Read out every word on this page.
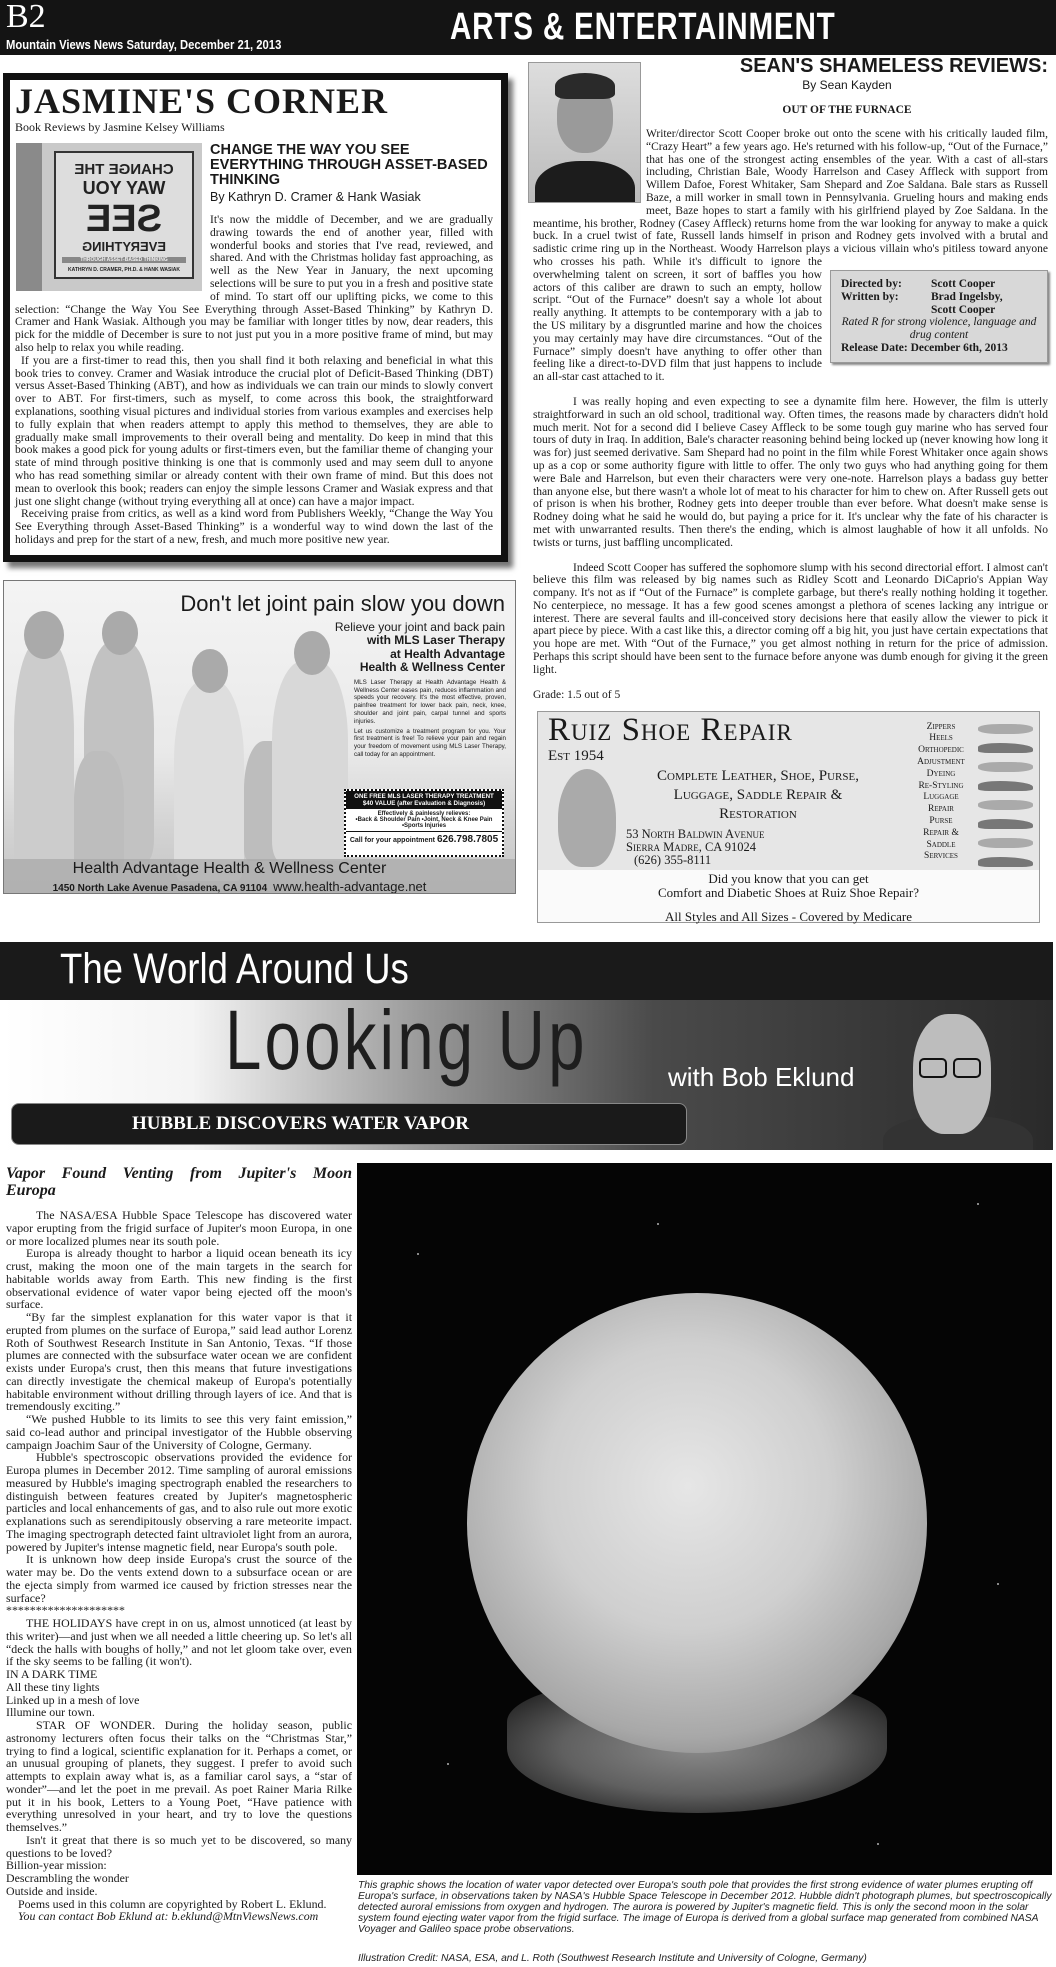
B2
Mountain Views News Saturday, December 21, 2013	ARTS & ENTERTAINMENT
JASMINE'S CORNER
Book Reviews by Jasmine Kelsey Williams
CHANGE THE
WAY YOU
SEE
EVERYTHING
THROUGH ASSET-BASED THINKING
KATHRYN D. CRAMER, PH.D. & HANK WASIAK
CHANGE THE WAY YOU SEE EVERYTHING THROUGH ASSET-BASED THINKING
By Kathryn D. Cramer & Hank Wasiak

It's now the middle of December, and we are gradually drawing towards the end of another year, filled with wonderful books and stories that I've read, reviewed, and shared. And with the Christmas holiday fast approaching, as well as the New Year in January, the next upcoming selections will be sure to put you in a fresh and positive state of mind. To start off our uplifting picks, we come to this selection: “Change the Way You See Everything through Asset-Based Thinking” by Kathryn D. Cramer and Hank Wasiak. Although you may be familiar with longer titles by now, dear readers, this pick for the middle of December is sure to not just put you in a more positive frame of mind, but may also help to relax you while reading.

If you are a first-timer to read this, then you shall find it both relaxing and beneficial in what this book tries to convey. Cramer and Wasiak introduce the crucial plot of Deficit-Based Thinking (DBT) versus Asset-Based Thinking (ABT), and how as individuals we can train our minds to slowly convert over to ABT. For first-timers, such as myself, to come across this book, the straightforward explanations, soothing visual pictures and individual stories from various examples and exercises help to fully explain that when readers attempt to apply this method to themselves, they are able to gradually make small improvements to their overall being and mentality. Do keep in mind that this book makes a good pick for young adults or first-timers even, but the familiar theme of changing your state of mind through positive thinking is one that is commonly used and may seem dull to anyone who has read something similar or already content with their own frame of mind. But this does not mean to overlook this book; readers can enjoy the simple lessons Cramer and Wasiak express and that just one slight change (without trying everything all at once) can have a major impact.

Receiving praise from critics, as well as a kind word from Publishers Weekly, “Change the Way You See Everything through Asset-Based Thinking” is a wonderful way to wind down the last of the holidays and prep for the start of a new, fresh, and much more positive new year.

Don't let joint pain slow you down
Relieve your joint and back pain
with MLS Laser Therapy
at Health Advantage
Health & Wellness Center

MLS Laser Therapy at Health Advantage Health & Wellness Center eases pain, reduces inflammation and speeds your recovery. It's the most effective, proven, painfree treatment for lower back pain, neck, knee, shoulder and joint pain, carpal tunnel and sports injuries.

Let us customize a treatment program for you. Your first treatment is free! To relieve your pain and regain your freedom of movement using MLS Laser Therapy, call today for an appointment.

ONE FREE MLS LASER THERAPY TREATMENT
$40 VALUE (after Evaluation & Diagnosis)
Effectively & painlessly relieves:
•Back & Shoulder Pain •Joint, Neck & Knee Pain •Sports Injuries
Call for your appointment 626.798.7805
Health Advantage Health & Wellness Center
1450 North Lake Avenue Pasadena, CA 91104 www.health-advantage.net
SEAN'S SHAMELESS REVIEWS:
By Sean Kayden
OUT OF THE FURNACE

Writer/director Scott Cooper broke out onto the scene with his critically lauded film, “Crazy Heart” a few years ago. He's returned with his follow-up, “Out of the Furnace,” that has one of the strongest acting ensembles of the year. With a cast of all-stars including, Christian Bale, Woody Harrelson and Casey Affleck with support from Willem Dafoe, Forest Whitaker, Sam Shepard and Zoe Saldana. Bale stars as Russell Baze, a mill worker in small town in Pennsylvania. Grueling hours and making ends meet, Baze hopes to start a family with his girlfriend played by Zoe Saldana. In the meantime, his brother, Rodney (Casey Affleck) returns home from the war looking for anyway to make a quick buck. In a cruel twist of fate, Russell lands himself in prison and Rodney gets involved with a brutal and sadistic crime ring up in the Northeast. Woody Harrelson plays a vicious villain who's pitiless
Directed by:	Scott Cooper
Written by:	Brad Ingelsby,
Scott Cooper
Rated R for strong violence, language and drug content
Release Date: December 6th, 2013
toward anyone who crosses his path. While it's difficult to ignore the overwhelming talent on screen, it sort of baffles you how actors of this caliber are drawn to such an empty, hollow script. “Out of the Furnace” doesn't say a whole lot about really anything. It attempts to be contemporary with a jab to the US military by a disgruntled marine and how the choices you may certainly may have dire circumstances. “Out of the Furnace” simply doesn't have anything to offer other than feeling like a direct-to-DVD film that just happens to include an all-star cast attached to it.

I was really hoping and even expecting to see a dynamite film here. However, the film is utterly straightforward in such an old school, traditional way. Often times, the reasons made by characters didn't hold much merit. Not for a second did I believe Casey Affleck to be some tough guy marine who has served four tours of duty in Iraq. In addition, Bale's character reasoning behind being locked up (never knowing how long it was for) just seemed derivative. Sam Shepard had no point in the film while Forest Whitaker once again shows up as a cop or some authority figure with little to offer. The only two guys who had anything going for them were Bale and Harrelson, but even their characters were very one-note. Harrelson plays a badass guy better than anyone else, but there wasn't a whole lot of meat to his character for him to chew on. After Russell gets out of prison is when his brother, Rodney gets into deeper trouble than ever before. What doesn't make sense is Rodney doing what he said he would do, but paying a price for it. It's unclear why the fate of his character is met with unwarranted results. Then there's the ending, which is almost laughable of how it all unfolds. No twists or turns, just baffling uncomplicated.

Indeed Scott Cooper has suffered the sophomore slump with his second directorial effort. I almost can't believe this film was released by big names such as Ridley Scott and Leonardo DiCaprio's Appian Way company. It's not as if “Out of the Furnace” is complete garbage, but there's really nothing holding it together. No centerpiece, no message. It has a few good scenes amongst a plethora of scenes lacking any intrigue or interest. There are several faults and ill-conceived story decisions here that easily allow the viewer to pick it apart piece by piece. With a cast like this, a director coming off a big hit, you just have certain expectations that you hope are met. With “Out of the Furnace,” you get almost nothing in return for the price of admission. Perhaps this script should have been sent to the furnace before anyone was dumb enough for giving it the green light.

Grade: 1.5 out of 5
Ruiz Shoe Repair
Est 1954
Complete Leather, Shoe, Purse, Luggage, Saddle Repair & Restoration
53 North Baldwin Avenue
Sierra Madre, CA 91024
(626) 355-8111
Zippers
Heels
Orthopedic
Adjustment
Dyeing
Re-Styling
Luggage
Repair
Purse
Repair &
Saddle
Services
Did you know that you can get
Comfort and Diabetic Shoes at Ruiz Shoe Repair?
All Styles and All Sizes - Covered by Medicare
The World Around Us
Looking Up	with Bob Eklund
HUBBLE DISCOVERS WATER VAPOR
Vapor Found Venting from Jupiter's Moon Europa

The NASA/ESA Hubble Space Telescope has discovered water vapor erupting from the frigid surface of Jupiter's moon Europa, in one or more localized plumes near its south pole.

Europa is already thought to harbor a liquid ocean beneath its icy crust, making the moon one of the main targets in the search for habitable worlds away from Earth. This new finding is the first observational evidence of water vapor being ejected off the moon's surface.

“By far the simplest explanation for this water vapor is that it erupted from plumes on the surface of Europa,” said lead author Lorenz Roth of Southwest Research Institute in San Antonio, Texas. “If those plumes are connected with the subsurface water ocean we are confident exists under Europa's crust, then this means that future investigations can directly investigate the chemical makeup of Europa's potentially habitable environment without drilling through layers of ice. And that is tremendously exciting.”

“We pushed Hubble to its limits to see this very faint emission,” said co-lead author and principal investigator of the Hubble observing campaign Joachim Saur of the University of Cologne, Germany.

Hubble's spectroscopic observations provided the evidence for Europa plumes in December 2012. Time sampling of auroral emissions measured by Hubble's imaging spectrograph enabled the researchers to distinguish between features created by Jupiter's magnetospheric particles and local enhancements of gas, and to also rule out more exotic explanations such as serendipitously observing a rare meteorite impact. The imaging spectrograph detected faint ultraviolet light from an aurora, powered by Jupiter's intense magnetic field, near Europa's south pole.

It is unknown how deep inside Europa's crust the source of the water may be. Do the vents extend down to a subsurface ocean or are the ejecta simply from warmed ice caused by friction stresses near the surface?

********************

THE HOLIDAYS have crept in on us, almost unnoticed (at least by this writer)—and just when we all needed a little cheering up. So let's all “deck the halls with boughs of holly,” and not let gloom take over, even if the sky seems to be falling (it won't).

IN A DARK TIME
All these tiny lights
Linked up in a mesh of love
Illumine our town.

STAR OF WONDER. During the holiday season, public astronomy lecturers often focus their talks on the “Christmas Star,” trying to find a logical, scientific explanation for it. Perhaps a comet, or an unusual grouping of planets, they suggest. I prefer to avoid such attempts to explain away what is, as a familiar carol says, a “star of wonder”—and let the poet in me prevail. As poet Rainer Maria Rilke put it in his book, Letters to a Young Poet, “Have patience with everything unresolved in your heart, and try to love the questions themselves.”

Isn't it great that there is so much yet to be discovered, so many questions to be loved?

Billion-year mission:
Descrambling the wonder
Outside and inside.
Poems used in this column are copyrighted by Robert L. Eklund.
You can contact Bob Eklund at: b.eklund@MtnViewsNews.com
This graphic shows the location of water vapor detected over Europa's south pole that provides the first strong evidence of water plumes erupting off Europa's surface, in observations taken by NASA's Hubble Space Telescope in December 2012. Hubble didn't photograph plumes, but spectroscopically detected auroral emissions from oxygen and hydrogen. The aurora is powered by Jupiter's magnetic field. This is only the second moon in the solar system found ejecting water vapor from the frigid surface. The image of Europa is derived from a global surface map generated from combined NASA Voyager and Galileo space probe observations.
Illustration Credit: NASA, ESA, and L. Roth (Southwest Research Institute and University of Cologne, Germany)
